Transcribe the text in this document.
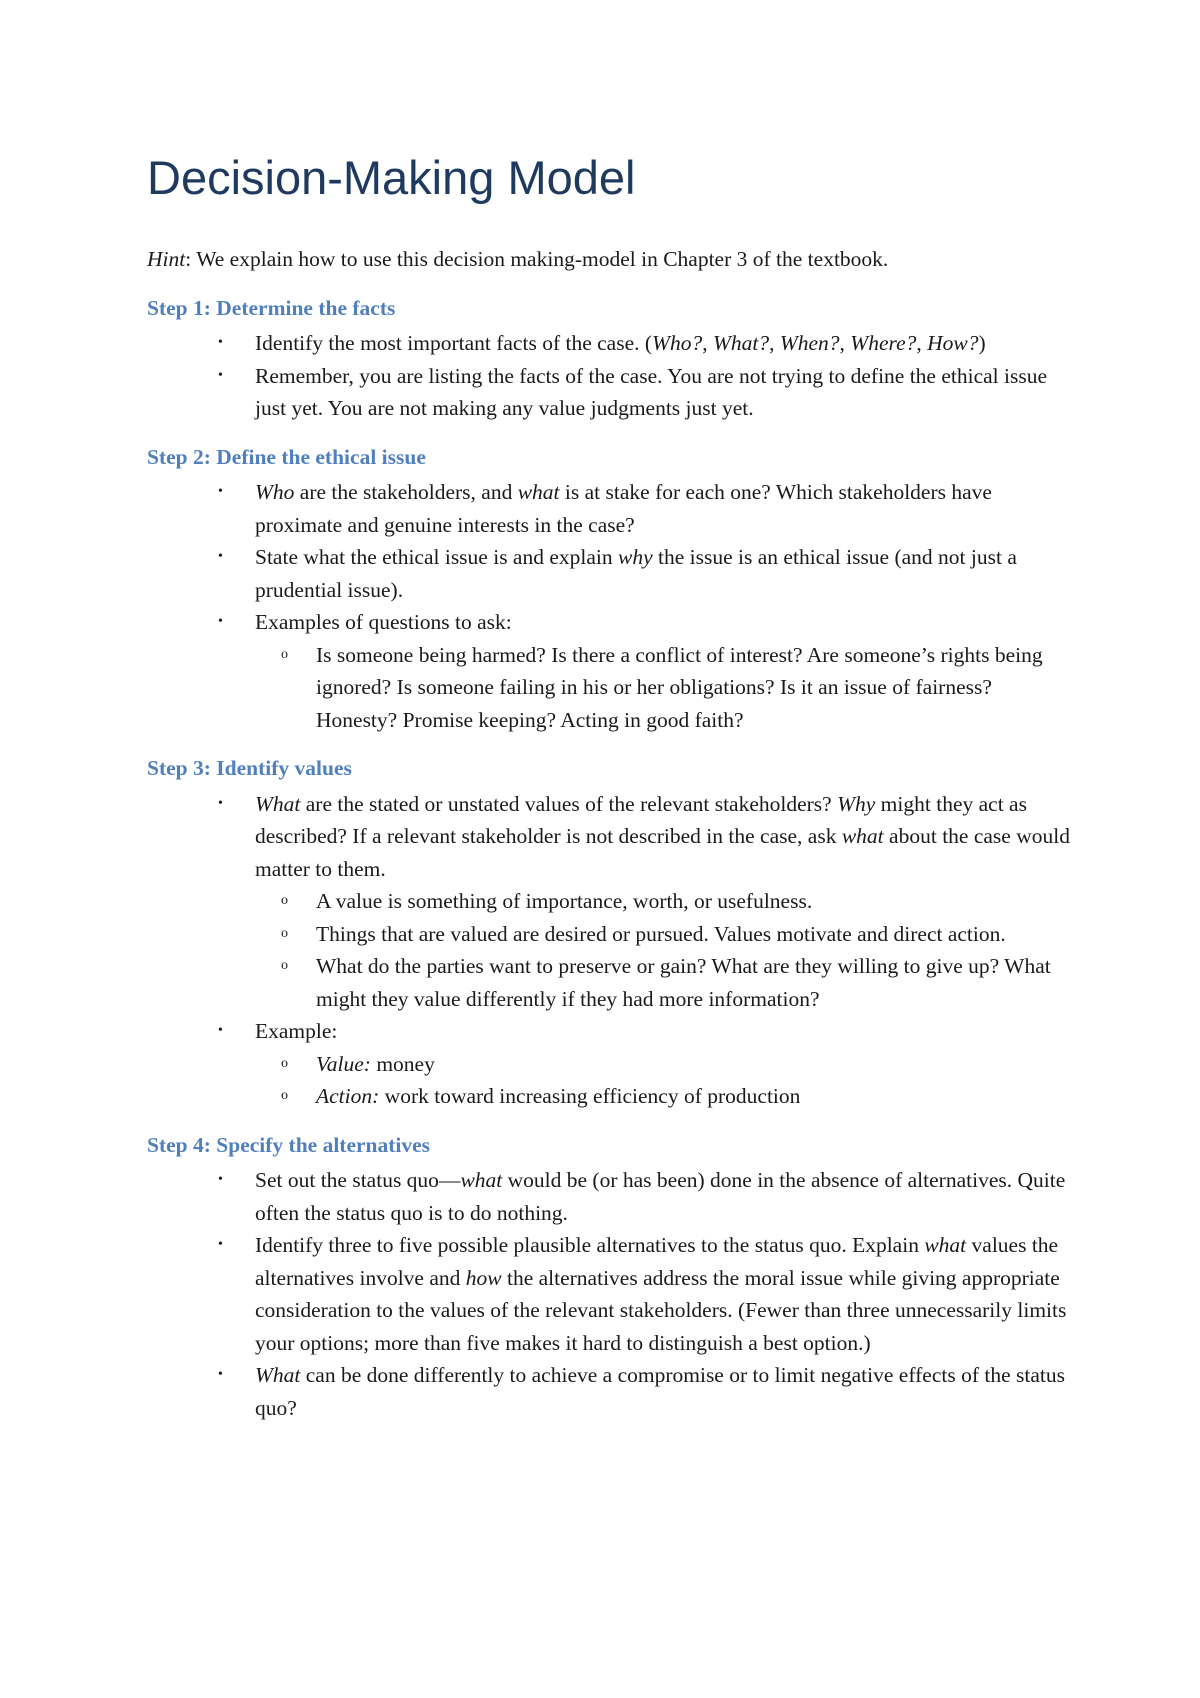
Decision-Making Model

Hint: We explain how to use this decision making-model in Chapter 3 of the textbook.

Step 1: Determine the facts
• Identify the most important facts of the case. (Who?, What?, When?, Where?, How?)
• Remember, you are listing the facts of the case. You are not trying to define the ethical issue just yet. You are not making any value judgments just yet.
Step 2: Define the ethical issue
• Who are the stakeholders, and what is at stake for each one? Which stakeholders have proximate and genuine interests in the case?
• State what the ethical issue is and explain why the issue is an ethical issue (and not just a prudential issue).
• Examples of questions to ask:
o Is someone being harmed? Is there a conflict of interest? Are someone’s rights being ignored? Is someone failing in his or her obligations? Is it an issue of fairness? Honesty? Promise keeping? Acting in good faith?
Step 3: Identify values
• What are the stated or unstated values of the relevant stakeholders? Why might they act as described? If a relevant stakeholder is not described in the case, ask what about the case would matter to them.
o A value is something of importance, worth, or usefulness.
o Things that are valued are desired or pursued. Values motivate and direct action.
o What do the parties want to preserve or gain? What are they willing to give up? What might they value differently if they had more information?
• Example:
o Value: money
o Action: work toward increasing efficiency of production
Step 4: Specify the alternatives
• Set out the status quo—what would be (or has been) done in the absence of alternatives. Quite often the status quo is to do nothing.
• Identify three to five possible plausible alternatives to the status quo. Explain what values the alternatives involve and how the alternatives address the moral issue while giving appropriate consideration to the values of the relevant stakeholders. (Fewer than three unnecessarily limits your options; more than five makes it hard to distinguish a best option.)
• What can be done differently to achieve a compromise or to limit negative effects of the status quo?
